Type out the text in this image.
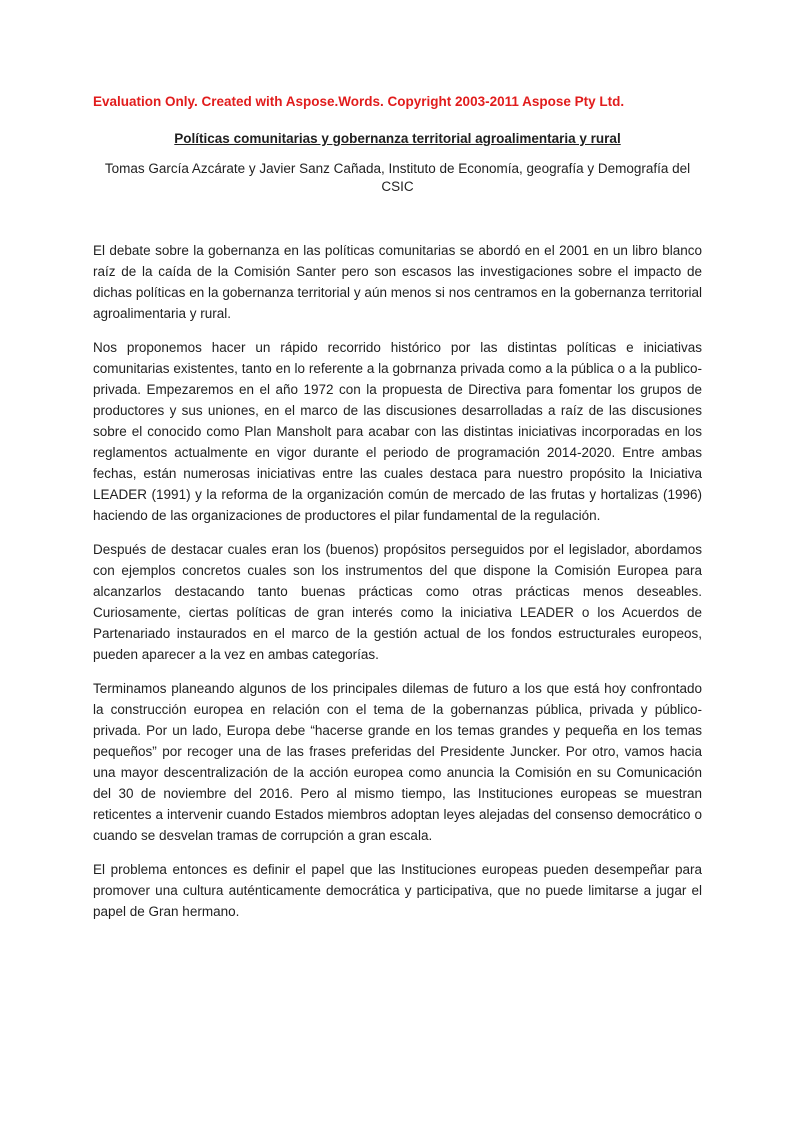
Evaluation Only. Created with Aspose.Words. Copyright 2003-2011 Aspose Pty Ltd.

Políticas comunitarias y gobernanza territorial agroalimentaria y rural

Tomas García Azcárate y Javier Sanz Cañada, Instituto de Economía, geografía y Demografía del CSIC

El debate sobre la gobernanza en las políticas comunitarias se abordó en el 2001 en un libro blanco raíz de la caída de la Comisión Santer pero son escasos las investigaciones sobre el impacto de dichas políticas en la gobernanza territorial y aún menos si nos centramos en la gobernanza territorial agroalimentaria y rural.

Nos proponemos hacer un rápido recorrido histórico por las distintas políticas e iniciativas comunitarias existentes, tanto en lo referente a la gobrnanza privada como a la pública o a la publico-privada. Empezaremos en el año 1972 con la propuesta de Directiva para fomentar los grupos de productores y sus uniones, en el marco de las discusiones desarrolladas a raíz de las discusiones sobre el conocido como Plan Mansholt para acabar con las distintas iniciativas incorporadas en los reglamentos actualmente en vigor durante el periodo de programación 2014-2020. Entre ambas fechas, están numerosas iniciativas entre las cuales destaca para nuestro propósito la Iniciativa LEADER (1991) y la reforma de la organización común de mercado de las frutas y hortalizas (1996) haciendo de las organizaciones de productores el pilar fundamental de la regulación.

Después de destacar cuales eran los (buenos) propósitos perseguidos por el legislador, abordamos con ejemplos concretos cuales son los instrumentos del que dispone la Comisión Europea para alcanzarlos destacando tanto buenas prácticas como otras prácticas menos deseables. Curiosamente, ciertas políticas de gran interés como la iniciativa LEADER o los Acuerdos de Partenariado instaurados en el marco de la gestión actual de los fondos estructurales europeos, pueden aparecer a la vez en ambas categorías.

Terminamos planeando algunos de los principales dilemas de futuro a los que está hoy confrontado la construcción europea en relación con el tema de la gobernanzas pública, privada y público-privada. Por un lado, Europa debe “hacerse grande en los temas grandes y pequeña en los temas pequeños” por recoger una de las frases preferidas del Presidente Juncker. Por otro, vamos hacia una mayor descentralización de la acción europea como anuncia la Comisión en su Comunicación del 30 de noviembre del 2016. Pero al mismo tiempo, las Instituciones europeas se muestran reticentes a intervenir cuando Estados miembros adoptan leyes alejadas del consenso democrático o cuando se desvelan tramas de corrupción a gran escala.

El problema entonces es definir el papel que las Instituciones europeas pueden desempeñar para promover una cultura auténticamente democrática y participativa, que no puede limitarse a jugar el papel de Gran hermano.
